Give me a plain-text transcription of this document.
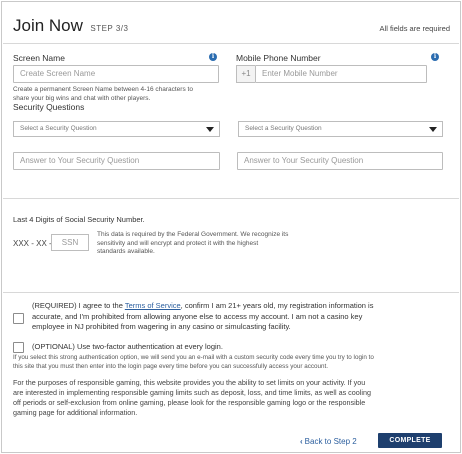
Join Now STEP 3/3	All fields are required
Screen Name	i
Create Screen Name
Create a permanent Screen Name between 4-16 characters to
share your big wins and chat with other players.
Mobile Phone Number	i
+1	Enter Mobile Number
Security Questions
Select a Security Question	Select a Security Question
Answer to Your Security Question	Answer to Your Security Question
Last 4 Digits of Social Security Number.
XXX - XX -	SSN
This data is required by the Federal Government. We recognize its
sensitivity and will encrypt and protect it with the highest
standards available.
(REQUIRED) I agree to the Terms of Service, confirm I am 21+ years old, my registration information is
accurate, and I'm prohibited from allowing anyone else to access my account. I am not a casino key
employee in NJ prohibited from wagering in any casino or simulcasting facility.
(OPTIONAL) Use two-factor authentication at every login.
If you select this strong authentication option, we will send you an e-mail with a custom security code every time you try to login to
this site that you must then enter into the login page every time before you can successfully access your account.
For the purposes of responsible gaming, this website provides you the ability to set limits on your activity. If you
are interested in implementing responsible gaming limits such as deposit, loss, and time limits, as well as cooling
off periods or self-exclusion from online gaming, please look for the responsible gaming logo or the responsible
gaming page for additional information.
‹ Back to Step 2	COMPLETE
